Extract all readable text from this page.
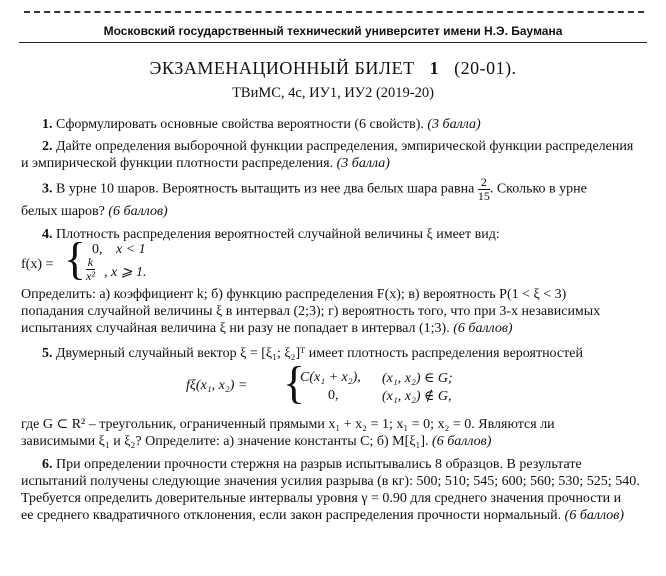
Московский государственный технический университет имени Н.Э. Баумана
ЭКЗАМЕНАЦИОННЫЙ БИЛЕТ 1 (20-01).
ТВиМС, 4с, ИУ1, ИУ2 (2019-20)
1. Сформулировать основные свойства вероятности (6 свойств). (3 балла)
2. Дайте определения выборочной функции распределения, эмпирической функции распределения
и эмпирической функции плотности распределения. (3 балла)
3. В урне 10 шаров. Вероятность вытащить из нее два белых шара равна $\frac{2}{15}$ . Сколько в урне
белых шаров? (6 баллов)
4. Плотность распределения вероятностей случайной величины ξ имеет вид:
f(x) = { 0, x < 1
$\frac{k}{\text{x²}}$ , x ⩾ 1.
Определить: а) коэффициент k; б) функцию распределения F(x); в) вероятность P(1 < ξ < 3)
попадания случайной величины ξ в интервал (2;3); г) вероятность того, что при 3-х независимых
испытаниях случайная величина ξ ни разу не попадает в интервал (1;3). (6 баллов)
5. Двумерный случайный вектор ξ = [ξ₁; ξ₂]ᵀ имеет плотность распределения вероятностей
fξ(x₁, x₂) = {
C(x₁ + x₂), (x₁, x₂) ∈ G;
0,	(x₁, x₂) ∉ G,
где G ⊂ R² – треугольник, ограниченный прямыми x₁ + x₂ = 1; x₁ = 0; x₂ = 0. Являются ли
зависимыми ξ₁ и ξ₂? Определите: а) значение константы C; б) M[ξ₁]. (6 баллов)
6. При определении прочности стержня на разрыв испытывались 8 образцов. В результате
испытаний получены следующие значения усилия разрыва (в кг): 500; 510; 545; 600; 560; 530; 525; 540.
Требуется определить доверительные интервалы уровня γ = 0.90 для среднего значения прочности и
ее среднего квадратичного отклонения, если закон распределения прочности нормальный. (6 баллов)
